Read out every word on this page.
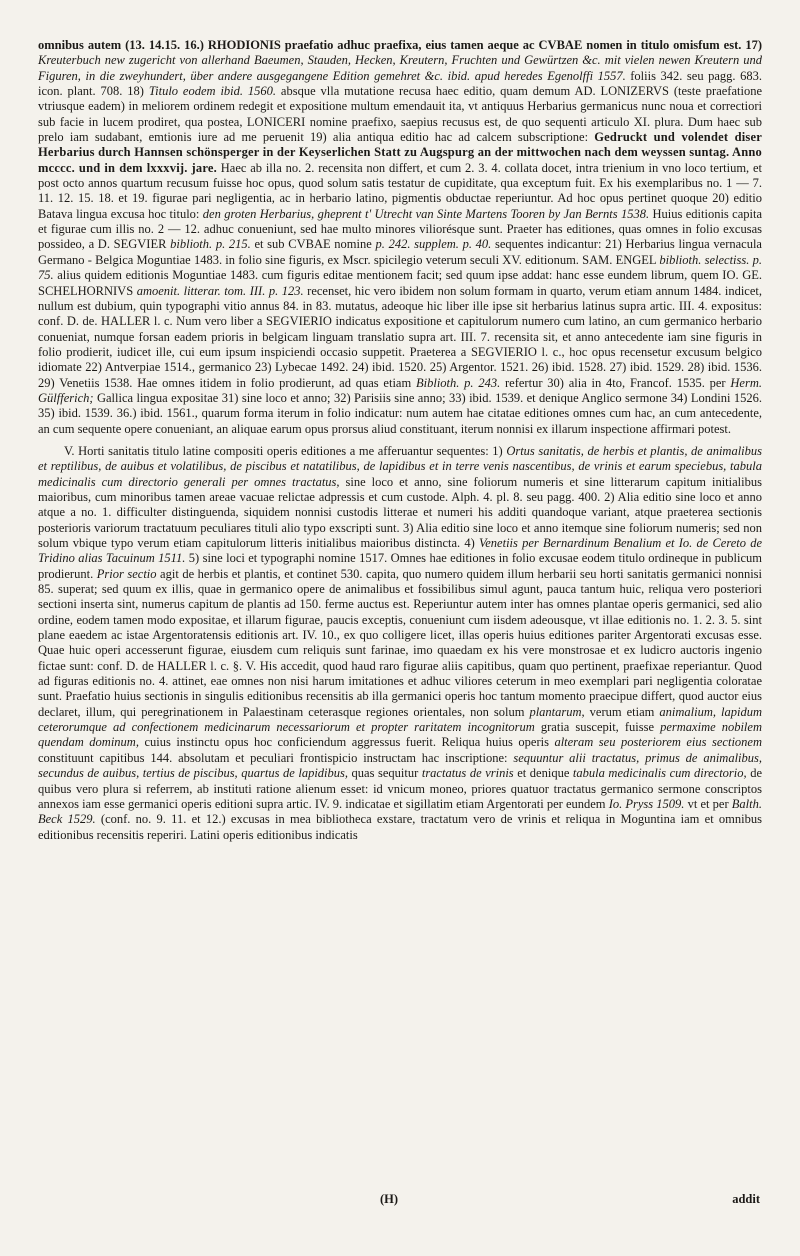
omnibus autem (13. 14.15. 16.) RHODIONIS praefatio adhuc praefixa, eius tamen aeque ac CVBAE nomen in titulo omisfum est. 17) Kreuterbuch new zugericht von allerhand Baeumen, Stauden, Hecken, Kreutern, Fruchten und Gewürtzen &c. mit vielen newen Kreutern und Figuren, in die zweyhundert, über andere ausgegangene Edition gemehret &c. ibid. apud heredes Egenolffi 1557. foliis 342. seu pagg. 683. icon. plant. 708. 18) Titulo eodem ibid. 1560. absque vlla mutatione recusa haec editio, quam demum AD. LONIZERVS (teste praefatione vtriusque eadem) in meliorem ordinem redegit et expositione multum emendauit ita, vt antiquus Herbarius germanicus nunc noua et correctiori sub facie in lucem prodiret, qua postea, LONICERI nomine praefixo, saepius recusus est, de quo sequenti articulo XI. plura. Dum haec sub prelo iam sudabant, emtionis iure ad me peruenit 19) alia antiqua editio hac ad calcem subscriptione: Gedruckt und volendet diser Herbarius durch Hannsen schönsperger in der Keyserlichen Statt zu Augspurg an der mittwochen nach dem weyssen suntag. Anno mcccc. und in dem lxxxvij. jare. Haec ab illa no. 2. recensita non differt, et cum 2. 3. 4. collata docet, intra trienium in vno loco tertium, et post octo annos quartum recusum fuisse hoc opus, quod solum satis testatur de cupiditate, qua exceptum fuit. Ex his exemplaribus no. 1 — 7. 11. 12. 15. 18. et 19. figurae pari negligentia, ac in herbario latino, pigmentis obductae reperiuntur. Ad hoc opus pertinet quoque 20) editio Batava lingua excusa hoc titulo: den groten Herbarius, gheprent t' Utrecht van Sinte Martens Tooren by Jan Bernts 1538. Huius editionis capita et figurae cum illis no. 2 — 12. adhuc conueniunt, sed hae multo minores viliorésque sunt. Praeter has editiones, quas omnes in folio excusas possideo, a D. SEGVIER biblioth. p. 215. et sub CVBAE nomine p. 242. supplem. p. 40. sequentes indicantur: 21) Herbarius lingua vernacula Germano - Belgica Moguntiae 1483. in folio sine figuris, ex Mscr. spicilegio veterum seculi XV. editionum. SAM. ENGEL biblioth. selectiss. p. 75. alius quidem editionis Moguntiae 1483. cum figuris editae mentionem facit; sed quum ipse addat: hanc esse eundem librum, quem IO. GE. SCHELHORNIVS amoenit. litterar. tom. III. p. 123. recenset, hic vero ibidem non solum formam in quarto, verum etiam annum 1484. indicet, nullum est dubium, quin typographi vitio annus 84. in 83. mutatus, adeoque hic liber ille ipse sit herbarius latinus supra artic. III. 4. expositus: conf. D. de. HALLER l. c. Num vero liber a SEGVIERIO indicatus expositione et capitulorum numero cum latino, an cum germanico herbario conueniat, numque forsan eadem prioris in belgicam linguam translatio supra art. III. 7. recensita sit, et anno antecedente iam sine figuris in folio prodierit, iudicet ille, cui eum ipsum inspiciendi occasio suppetit. Praeterea a SEGVIERIO l. c., hoc opus recensetur excusum belgico idiomate 22) Antverpiae 1514., germanico 23) Lybecae 1492. 24) ibid. 1520. 25) Argentor. 1521. 26) ibid. 1528. 27) ibid. 1529. 28) ibid. 1536. 29) Venetiis 1538. Hae omnes itidem in folio prodierunt, ad quas etiam Biblioth. p. 243. refertur 30) alia in 4to, Francof. 1535. per Herm. Gülfferich; Gallica lingua expositae 31) sine loco et anno; 32) Parisiis sine anno; 33) ibid. 1539. et denique Anglico sermone 34) Londini 1526. 35) ibid. 1539. 36.) ibid. 1561., quarum forma iterum in folio indicatur: num autem hae citatae editiones omnes cum hac, an cum antecedente, an cum sequente opere conueniant, an aliquae earum opus prorsus aliud constituant, iterum nonnisi ex illarum inspectione affirmari potest.

V. Horti sanitatis titulo latine compositi operis editiones a me afferuantur sequentes: 1) Ortus sanitatis, de herbis et plantis, de animalibus et reptilibus, de auibus et volatilibus, de piscibus et natatilibus, de lapidibus et in terre venis nascentibus, de vrinis et earum speciebus, tabula medicinalis cum directorio generali per omnes tractatus, sine loco et anno, sine foliorum numeris et sine litterarum capitum initialibus maioribus, cum minoribus tamen areae vacuae relictae adpressis et cum custode. Alph. 4. pl. 8. seu pagg. 400. 2) Alia editio sine loco et anno atque a no. 1. difficulter distinguenda, siquidem nonnisi custodis litterae et numeri his additi quandoque variant, atque praeterea sectionis posterioris variorum tractatuum peculiares tituli alio typo exscripti sunt. 3) Alia editio sine loco et anno itemque sine foliorum numeris; sed non solum vbique typo verum etiam capitulorum litteris initialibus maioribus distincta. 4) Venetiis per Bernardinum Benalium et Io. de Cereto de Tridino alias Tacuinum 1511. 5) sine loci et typographi nomine 1517. Omnes hae editiones in folio excusae eodem titulo ordineque in publicum prodierunt. Prior sectio agit de herbis et plantis, et continet 530. capita, quo numero quidem illum herbarii seu horti sanitatis germanici nonnisi 85. superat; sed quum ex illis, quae in germanico opere de animalibus et fossibilibus simul agunt, pauca tantum huic, reliqua vero posteriori sectioni inserta sint, numerus capitum de plantis ad 150. ferme auctus est. Reperiuntur autem inter has omnes plantae operis germanici, sed alio ordine, eodem tamen modo expositae, et illarum figurae, paucis exceptis, conueniunt cum iisdem adeousque, vt illae editionis no. 1. 2. 3. 5. sint plane eaedem ac istae Argentoratensis editionis art. IV. 10., ex quo colligere licet, illas operis huius editiones pariter Argentorati excusas esse. Quae huic operi accesserunt figurae, eiusdem cum reliquis sunt farinae, imo quaedam ex his vere monstrosae et ex ludicro auctoris ingenio fictae sunt: conf. D. de HALLER l. c. §. V. His accedit, quod haud raro figurae aliis capitibus, quam quo pertinent, praefixae reperiantur. Quod ad figuras editionis no. 4. attinet, eae omnes non nisi harum imitationes et adhuc viliores ceterum in meo exemplari pari negligentia coloratae sunt. Praefatio huius sectionis in singulis editionibus recensitis ab illa germanici operis hoc tantum momento praecipue differt, quod auctor eius declaret, illum, qui peregrinationem in Palaestinam ceterasque regiones orientales, non solum plantarum, verum etiam animalium, lapidum ceterorumque ad confectionem medicinarum necessariorum et propter raritatem incognitorum gratia suscepit, fuisse permaxime nobilem quendam dominum, cuius instinctu opus hoc conficiendum aggressus fuerit. Reliqua huius operis alteram seu posteriorem eius sectionem constituunt capitibus 144. absolutam et peculiari frontispicio instructam hac inscriptione: sequuntur alii tractatus, primus de animalibus, secundus de auibus, tertius de piscibus, quartus de lapidibus, quas sequitur tractatus de vrinis et denique tabula medicinalis cum directorio, de quibus vero plura si referrem, ab instituti ratione alienum esset: id vnicum moneo, priores quatuor tractatus germanico sermone conscriptos annexos iam esse germanici operis editioni supra artic. IV. 9. indicatae et sigillatim etiam Argentorati per eundem Io. Pryss 1509. vt et per Balth. Beck 1529. (conf. no. 9. 11. et 12.) excusas in mea bibliotheca exstare, tractatum vero de vrinis et reliqua in Moguntina iam et omnibus editionibus recensitis reperiri. Latini operis editionibus indicatis

(H)	addit
